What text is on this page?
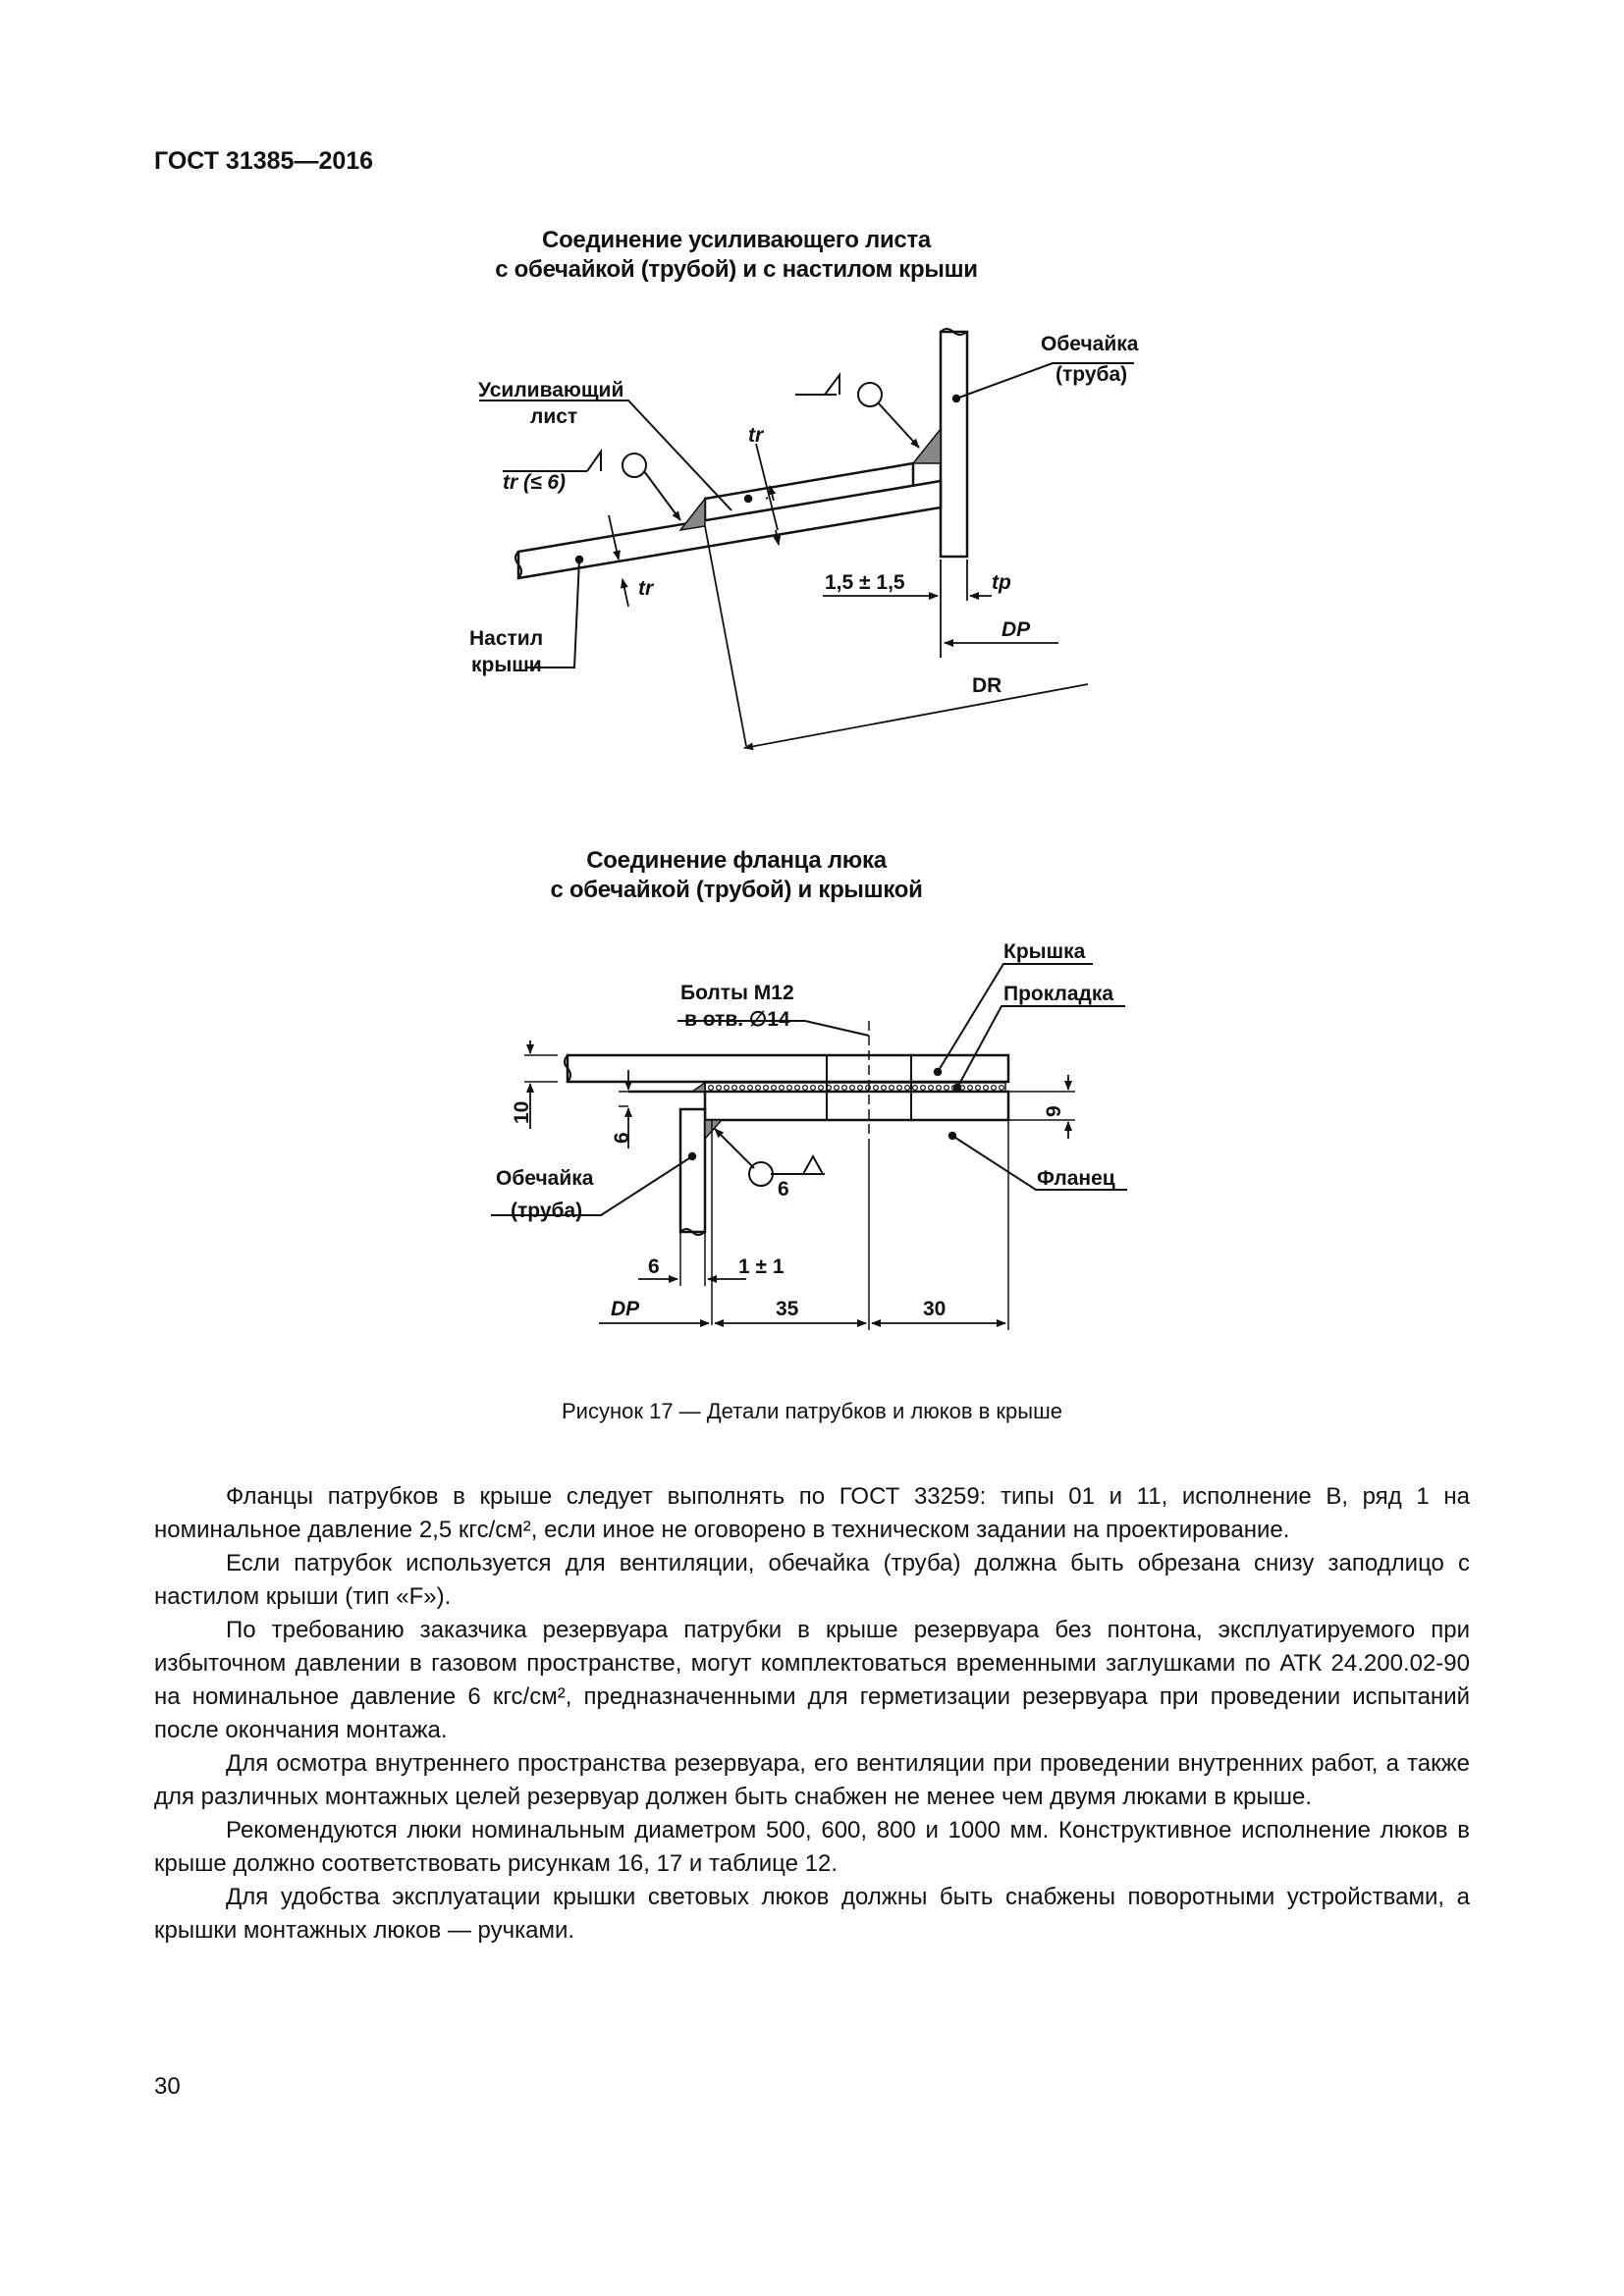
ГОСТ 31385—2016
Соединение усиливающего листа
с обечайкой (трубой) и с настилом крыши
Соединение фланца люка
с обечайкой (трубой) и крышкой
Обечайка
(труба)
Усиливающий
лист
tr (≤ 6)
tr
tr	1,5 ± 1,5	tp
DP
DR
Настил
крыши
Крышка
Прокладка
Болты М12
в отв. ∅14
Фланец
Обечайка
(труба)
10
6
9
6
6	1 ± 1
DP	35	30
Рисунок 17 — Детали патрубков и люков в крыше

Фланцы патрубков в крыше следует выполнять по ГОСТ 33259: типы 01 и 11, исполнение В, ряд 1 на номинальное давление 2,5 кгс/см², если иное не оговорено в техническом задании на проектирование.

Если патрубок используется для вентиляции, обечайка (труба) должна быть обрезана снизу заподлицо с настилом крыши (тип «F»).

По требованию заказчика резервуара патрубки в крыше резервуара без понтона, эксплуатируемого при избыточном давлении в газовом пространстве, могут комплектоваться временными заглушками по АТК 24.200.02-90 на номинальное давление 6 кгс/см², предназначенными для герметизации резервуара при проведении испытаний после окончания монтажа.

Для осмотра внутреннего пространства резервуара, его вентиляции при проведении внутренних работ, а также для различных монтажных целей резервуар должен быть снабжен не менее чем двумя люками в крыше.

Рекомендуются люки номинальным диаметром 500, 600, 800 и 1000 мм. Конструктивное исполнение люков в крыше должно соответствовать рисункам 16, 17 и таблице 12.

Для удобства эксплуатации крышки световых люков должны быть снабжены поворотными устройствами, а крышки монтажных люков — ручками.

30
